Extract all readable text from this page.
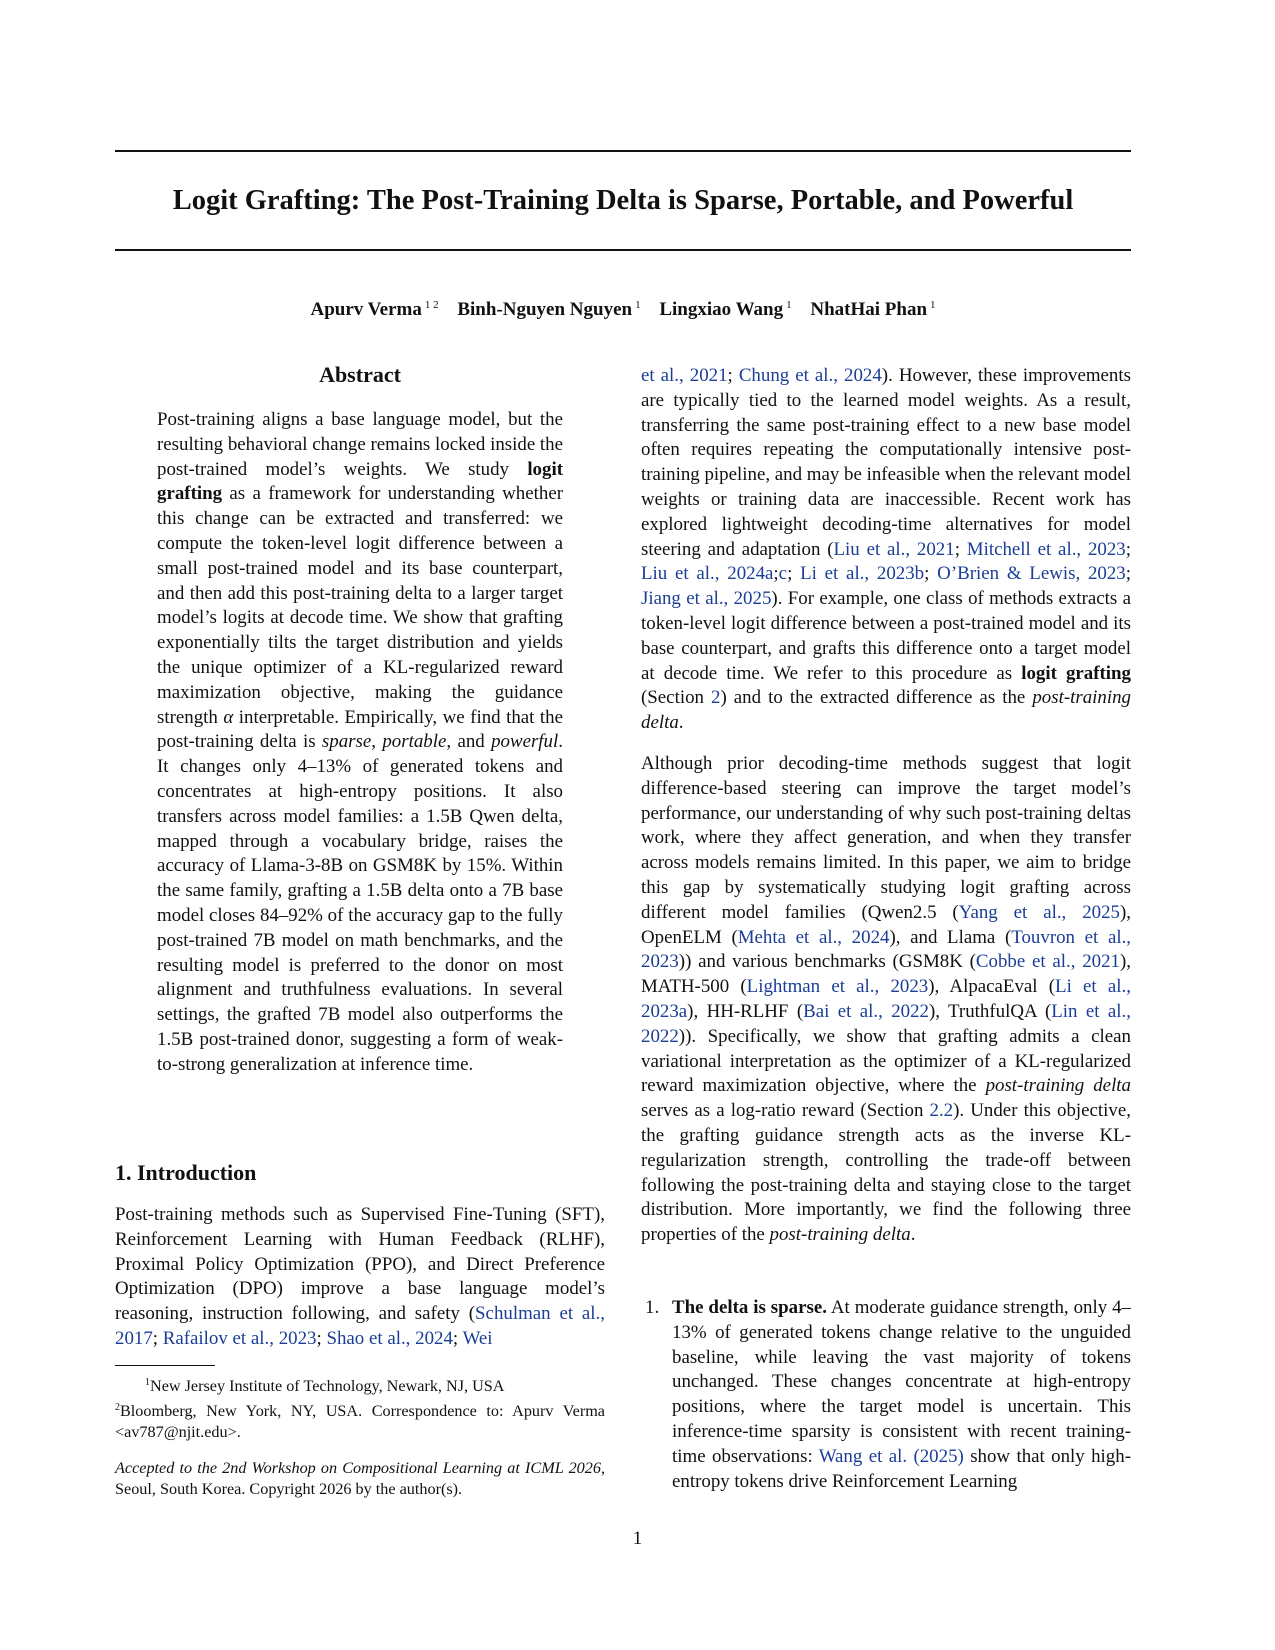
Logit Grafting: The Post-Training Delta is Sparse, Portable, and Powerful
Apurv Verma $^{1 2}$ Binh-Nguyen Nguyen $^1$ Lingxiao Wang $^1$ NhatHai Phan $^1$
Abstract

Post-training aligns a base language model, but the resulting behavioral change remains locked inside the post-trained model’s weights. We study logit grafting as a framework for understanding whether this change can be extracted and transferred: we compute the token-level logit difference between a small post-trained model and its base counterpart, and then add this post-training delta to a larger target model’s logits at decode time. We show that grafting exponentially tilts the target distribution and yields the unique optimizer of a KL-regularized reward maximization objective, making the guidance strength α interpretable. Empirically, we find that the post-training delta is sparse, portable, and powerful. It changes only 4–13% of generated tokens and concentrates at high-entropy positions. It also transfers across model families: a 1.5B Qwen delta, mapped through a vocabulary bridge, raises the accuracy of Llama-3-8B on GSM8K by 15%. Within the same family, grafting a 1.5B delta onto a 7B base model closes 84–92% of the accuracy gap to the fully post-trained 7B model on math benchmarks, and the resulting model is preferred to the donor on most alignment and truthfulness evaluations. In several settings, the grafted 7B model also outperforms the 1.5B post-trained donor, suggesting a form of weak-to-strong generalization at inference time.

1. Introduction

Post-training methods such as Supervised Fine-Tuning (SFT), Reinforcement Learning with Human Feedback (RLHF), Proximal Policy Optimization (PPO), and Direct Preference Optimization (DPO) improve a base language model’s reasoning, instruction following, and safety (Schulman et al., 2017; Rafailov et al., 2023; Shao et al., 2024; Wei

$^1$New Jersey Institute of Technology, Newark, NJ, USA

$^2$Bloomberg, New York, NY, USA. Correspondence to: Apurv Verma <av787@njit.edu>.

Accepted to the 2nd Workshop on Compositional Learning at ICML 2026, Seoul, South Korea. Copyright 2026 by the author(s).

et al., 2021; Chung et al., 2024). However, these improvements are typically tied to the learned model weights. As a result, transferring the same post-training effect to a new base model often requires repeating the computationally intensive post-training pipeline, and may be infeasible when the relevant model weights or training data are inaccessible. Recent work has explored lightweight decoding-time alternatives for model steering and adaptation (Liu et al., 2021; Mitchell et al., 2023; Liu et al., 2024a;c; Li et al., 2023b; O’Brien & Lewis, 2023; Jiang et al., 2025). For example, one class of methods extracts a token-level logit difference between a post-trained model and its base counterpart, and grafts this difference onto a target model at decode time. We refer to this procedure as logit grafting (Section 2) and to the extracted difference as the post-training delta.

Although prior decoding-time methods suggest that logit difference-based steering can improve the target model’s performance, our understanding of why such post-training deltas work, where they affect generation, and when they transfer across models remains limited. In this paper, we aim to bridge this gap by systematically studying logit grafting across different model families (Qwen2.5 (Yang et al., 2025), OpenELM (Mehta et al., 2024), and Llama (Touvron et al., 2023)) and various benchmarks (GSM8K (Cobbe et al., 2021), MATH-500 (Lightman et al., 2023), AlpacaEval (Li et al., 2023a), HH-RLHF (Bai et al., 2022), TruthfulQA (Lin et al., 2022)). Specifically, we show that grafting admits a clean variational interpretation as the optimizer of a KL-regularized reward maximization objective, where the post-training delta serves as a log-ratio reward (Section 2.2). Under this objective, the grafting guidance strength acts as the inverse KL-regularization strength, controlling the trade-off between following the post-training delta and staying close to the target distribution. More importantly, we find the following three properties of the post-training delta.

1. The delta is sparse. At moderate guidance strength, only 4–13% of generated tokens change relative to the unguided baseline, while leaving the vast majority of tokens unchanged. These changes concentrate at high-entropy positions, where the target model is uncertain. This inference-time sparsity is consistent with recent training-time observations: Wang et al. (2025) show that only high-entropy tokens drive Reinforcement Learning

1
